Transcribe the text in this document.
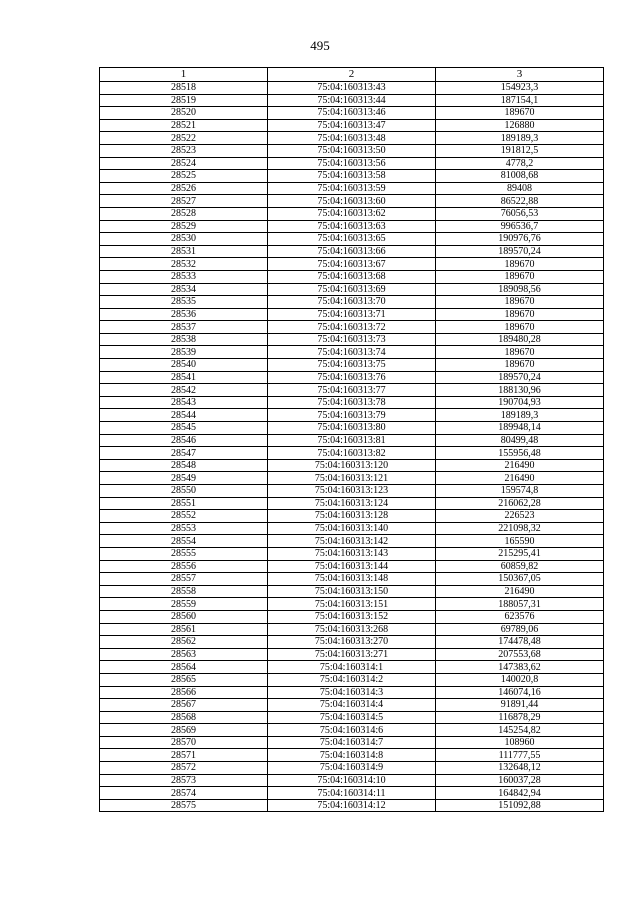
495
1	2	3
28518	75:04:160313:43	154923,3
28519	75:04:160313:44	187154,1
28520	75:04:160313:46	189670
28521	75:04:160313:47	126880
28522	75:04:160313:48	189189,3
28523	75:04:160313:50	191812,5
28524	75:04:160313:56	4778,2
28525	75:04:160313:58	81008,68
28526	75:04:160313:59	89408
28527	75:04:160313:60	86522,88
28528	75:04:160313:62	76056,53
28529	75:04:160313:63	996536,7
28530	75:04:160313:65	190976,76
28531	75:04:160313:66	189570,24
28532	75:04:160313:67	189670
28533	75:04:160313:68	189670
28534	75:04:160313:69	189098,56
28535	75:04:160313:70	189670
28536	75:04:160313:71	189670
28537	75:04:160313:72	189670
28538	75:04:160313:73	189480,28
28539	75:04:160313:74	189670
28540	75:04:160313:75	189670
28541	75:04:160313:76	189570,24
28542	75:04:160313:77	188130,96
28543	75:04:160313:78	190704,93
28544	75:04:160313:79	189189,3
28545	75:04:160313:80	189948,14
28546	75:04:160313:81	80499,48
28547	75:04:160313:82	155956,48
28548	75:04:160313:120	216490
28549	75:04:160313:121	216490
28550	75:04:160313:123	159574,8
28551	75:04:160313:124	216062,28
28552	75:04:160313:128	226523
28553	75:04:160313:140	221098,32
28554	75:04:160313:142	165590
28555	75:04:160313:143	215295,41
28556	75:04:160313:144	60859,82
28557	75:04:160313:148	150367,05
28558	75:04:160313:150	216490
28559	75:04:160313:151	188057,31
28560	75:04:160313:152	623576
28561	75:04:160313:268	69789,06
28562	75:04:160313:270	174478,48
28563	75:04:160313:271	207553,68
28564	75:04:160314:1	147383,62
28565	75:04:160314:2	140020,8
28566	75:04:160314:3	146074,16
28567	75:04:160314:4	91891,44
28568	75:04:160314:5	116878,29
28569	75:04:160314:6	145254,82
28570	75:04:160314:7	108960
28571	75:04:160314:8	111777,55
28572	75:04:160314:9	132648,12
28573	75:04:160314:10	160037,28
28574	75:04:160314:11	164842,94
28575	75:04:160314:12	151092,88
